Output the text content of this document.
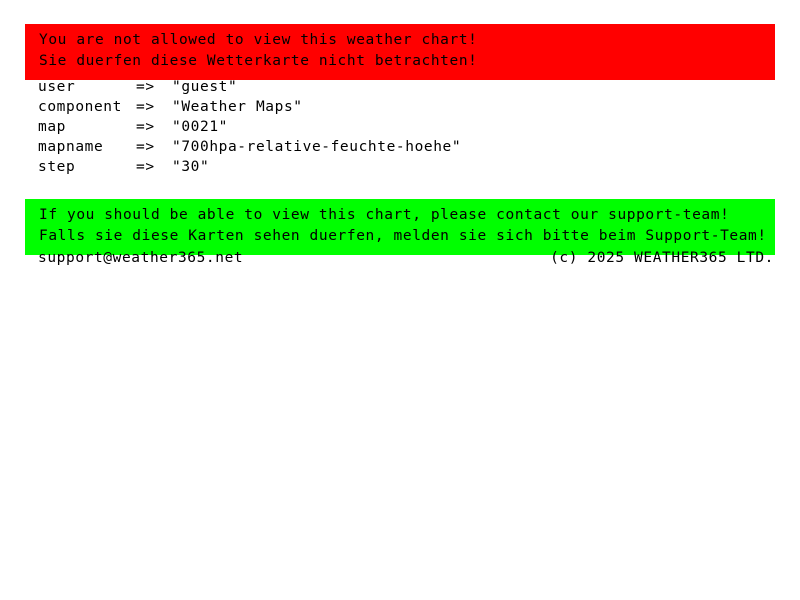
You are not allowed to view this weather chart!
Sie duerfen diese Wetterkarte nicht betrachten!
user	=>	"guest"
component =>	"Weather Maps"
map	=>	"0021"
mapname	=>	"700hpa-relative-feuchte-hoehe"
step	=>	"30"
If you should be able to view this chart, please contact our support-team!
Falls sie diese Karten sehen duerfen, melden sie sich bitte beim Support-Team!
support@weather365.net	(c) 2025 WEATHER365 LTD.
